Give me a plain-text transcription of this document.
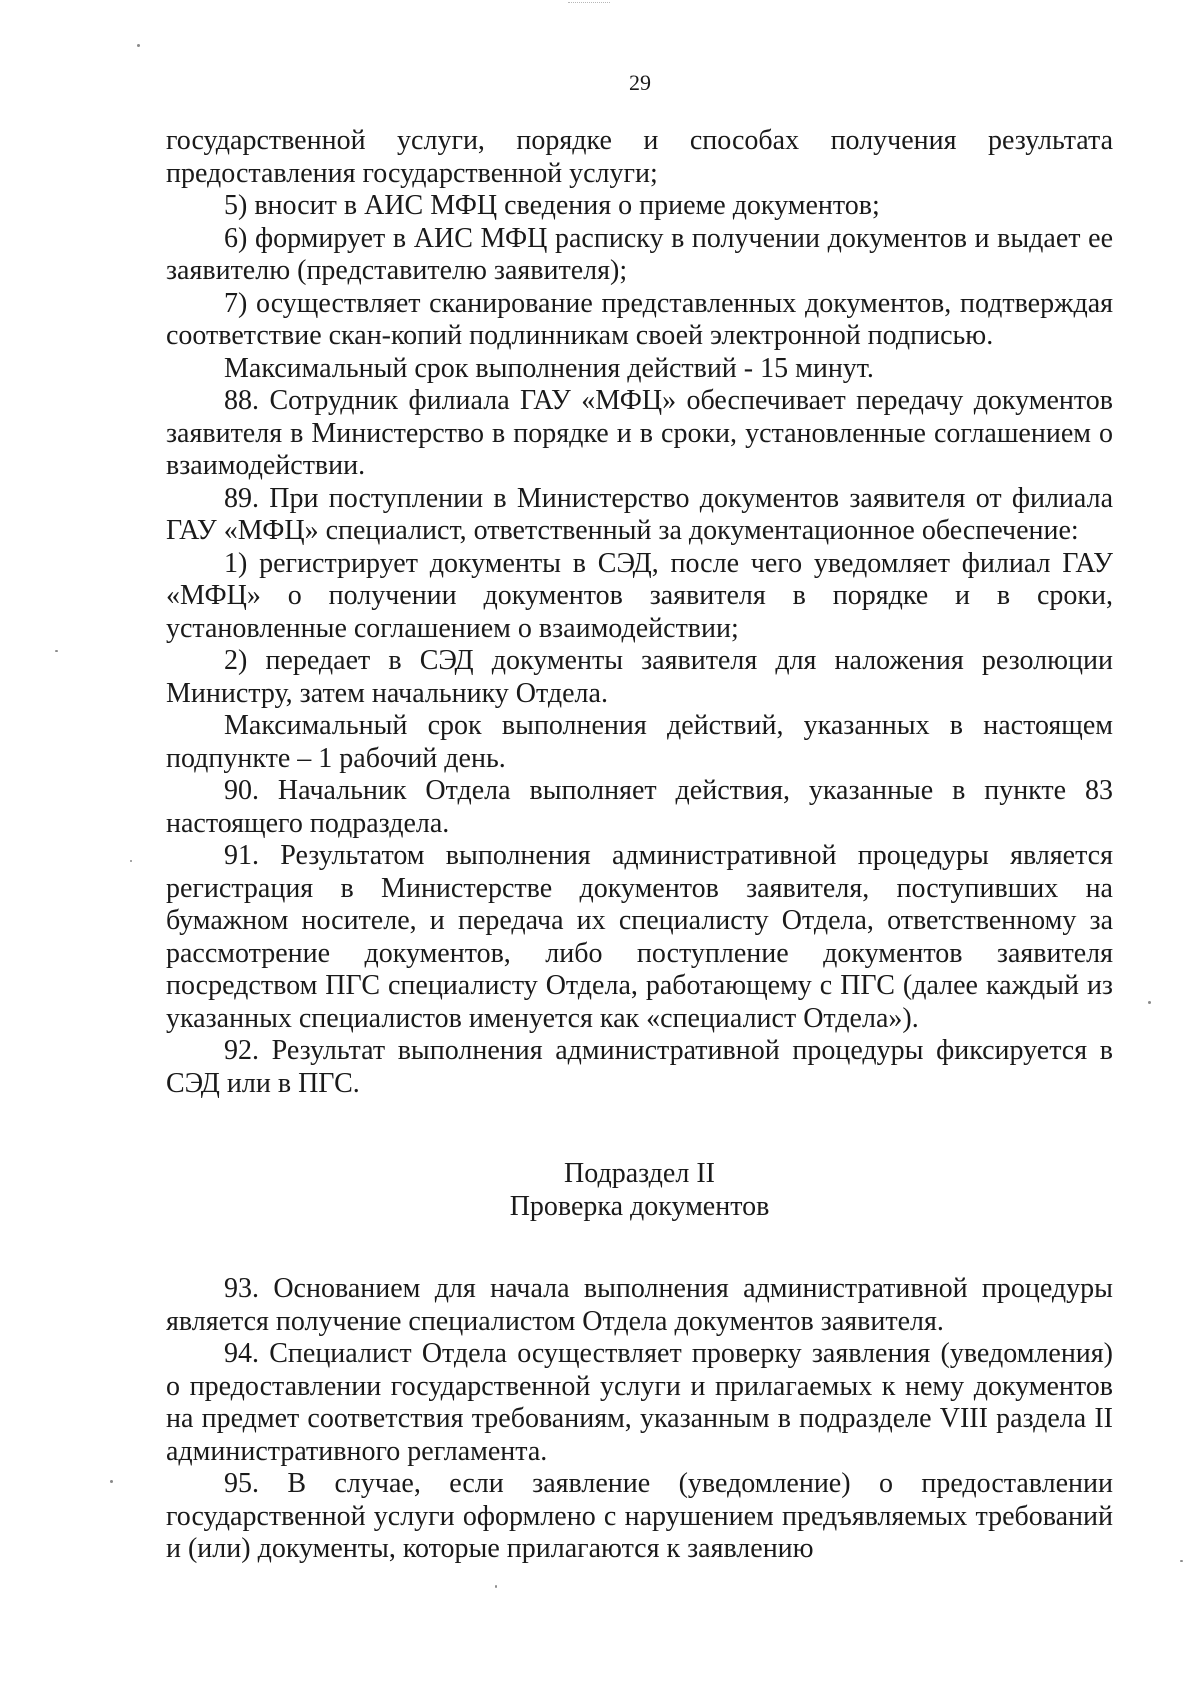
29

государственной услуги, порядке и способах получения результата предоставления государственной услуги;

5) вносит в АИС МФЦ сведения о приеме документов;

6) формирует в АИС МФЦ расписку в получении документов и выдает ее заявителю (представителю заявителя);

7) осуществляет сканирование представленных документов, подтверждая соответствие скан-копий подлинникам своей электронной подписью.

Максимальный срок выполнения действий - 15 минут.

88. Сотрудник филиала ГАУ «МФЦ» обеспечивает передачу документов заявителя в Министерство в порядке и в сроки, установленные соглашением о взаимодействии.

89. При поступлении в Министерство документов заявителя от филиала ГАУ «МФЦ» специалист, ответственный за документационное обеспечение:

1) регистрирует документы в СЭД, после чего уведомляет филиал ГАУ «МФЦ» о получении документов заявителя в порядке и в сроки, установленные соглашением о взаимодействии;

2) передает в СЭД документы заявителя для наложения резолюции Министру, затем начальнику Отдела.

Максимальный срок выполнения действий, указанных в настоящем подпункте – 1 рабочий день.

90. Начальник Отдела выполняет действия, указанные в пункте 83 настоящего подраздела.

91. Результатом выполнения административной процедуры является регистрация в Министерстве документов заявителя, поступивших на бумажном носителе, и передача их специалисту Отдела, ответственному за рассмотрение документов, либо поступление документов заявителя посредством ПГС специалисту Отдела, работающему с ПГС (далее каждый из указанных специалистов именуется как «специалист Отдела»).

92. Результат выполнения административной процедуры фиксируется в СЭД или в ПГС.

Подраздел II

Проверка документов

93. Основанием для начала выполнения административной процедуры является получение специалистом Отдела документов заявителя.

94. Специалист Отдела осуществляет проверку заявления (уведомления) о предоставлении государственной услуги и прилагаемых к нему документов на предмет соответствия требованиям, указанным в подразделе VIII раздела II административного регламента.

95. В случае, если заявление (уведомление) о предоставлении государственной услуги оформлено с нарушением предъявляемых требований и (или) документы, которые прилагаются к заявлению
